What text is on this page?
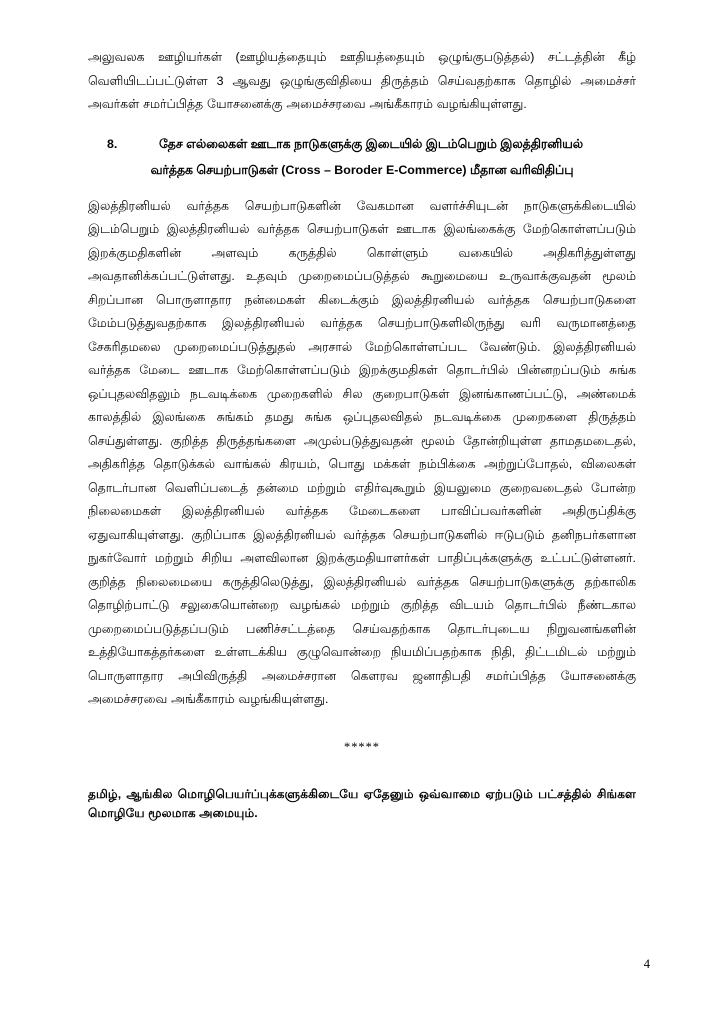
அலுவலக ஊழியர்கள் (ஊழியத்தையும் ஊதியத்தையும் ஒழுங்குபடுத்தல்) சட்டத்தின் கீழ் வெளியிடப்பட்டுள்ள 3 ஆவது ஒழுங்குவிதியை திருத்தம் செய்வதற்காக தொழில் அமைச்சர் அவர்கள் சமர்ப்பித்த யோசனைக்கு அமைச்சரவை அங்கீகாரம் வழங்கியுள்ளது.

8.	தேச எல்லைகள் ஊடாக நாடுகளுக்கு இடையில் இடம்பெறும் இலத்திரனியல்
வர்த்தக செயற்பாடுகள் (Cross – Boroder E-Commerce) மீதான வரிவிதிப்பு

இலத்திரனியல் வர்த்தக செயற்பாடுகளின் வேகமான வளர்ச்சியுடன் நாடுகளுக்கிடையில் இடம்பெறும் இலத்திரனியல் வர்த்தக செயற்பாடுகள் ஊடாக இலங்கைக்கு மேற்கொள்ளப்படும் இறக்குமதிகளின் அளவும் கருத்தில் கொள்ளும் வகையில் அதிகரித்துள்ளது அவதானிக்கப்பட்டுள்ளது. உதவும் முறைமைப்படுத்தல் கூறுமையை உருவாக்குவதன் மூலம் சிறப்பான பொருளாதார நன்மைகள் கிடைக்கும் இலத்திரனியல் வர்த்தக செயற்பாடுகளை மேம்படுத்துவதற்காக இலத்திரனியல் வர்த்தக செயற்பாடுகளிலிருந்து வரி வருமானத்தை சேகரிதமலை முறைமைப்படுத்துதல் அரசால் மேற்கொள்ளப்பட வேண்டும். இலத்திரனியல் வர்த்தக மேடை ஊடாக மேற்கொள்ளப்படும் இறக்குமதிகள் தொடர்பில் பின்னறப்படும் சுங்க ஒப்புதலவிதலும் நடவடிக்கை முறைகளில் சில குறைபாடுகள் இனங்காணப்பட்டு, அண்மைக் காலத்தில் இலங்கை சுங்கம் தமது சுங்க ஒப்புதலவிதல் நடவடிக்கை முறைகளை திருத்தம் செய்துள்ளது. குறித்த திருத்தங்களை அமுல்படுத்துவதன் மூலம் தோன்றியுள்ள தாமதமடைதல், அதிகரித்த தொடுக்கல் வாங்கல் கிரயம், பொது மக்கள் நம்பிக்கை அற்றுப்போதல், விலைகள் தொடர்பான வெளிப்படைத் தன்மை மற்றும் எதிர்வுகூறும் இயலுமை குறைவடைதல் போன்ற நிலைமைகள் இலத்திரனியல் வர்த்தக மேடைகளை பாவிப்பவர்களின் அதிருப்திக்கு ஏதுவாகியுள்ளது. குறிப்பாக இலத்திரனியல் வர்த்தக செயற்பாடுகளில் ஈடுபடும் தனிநபர்களான நுகர்வோர் மற்றும் சிறிய அளவிலான இறக்குமதியாளர்கள் பாதிப்புக்களுக்கு உட்பட்டுள்ளனர். குறித்த நிலைமையை கருத்திலெடுத்து, இலத்திரனியல் வர்த்தக செயற்பாடுகளுக்கு தற்காலிக தொழிற்பாட்டு சலுகையொன்றை வழங்கல் மற்றும் குறித்த விடயம் தொடர்பில் நீண்டகால முறைமைப்படுத்தப்படும் பணிச்சட்டத்தை செய்வதற்காக தொடர்புடைய நிறுவனங்களின் உத்தியோகத்தர்களை உள்ளடக்கிய குழுவொன்றை நியமிப்பதற்காக நிதி, திட்டமிடல் மற்றும் பொருளாதார அபிவிருத்தி அமைச்சரான கௌரவ ஜனாதிபதி சமர்ப்பித்த யோசனைக்கு அமைச்சரவை அங்கீகாரம் வழங்கியுள்ளது.

*****
தமிழ், ஆங்கில மொழிபெயர்ப்புக்களுக்கிடையே ஏதேனும் ஒவ்வாமை ஏற்படும் பட்சத்தில் சிங்கள மொழியே மூலமாக அமையும்.
4
